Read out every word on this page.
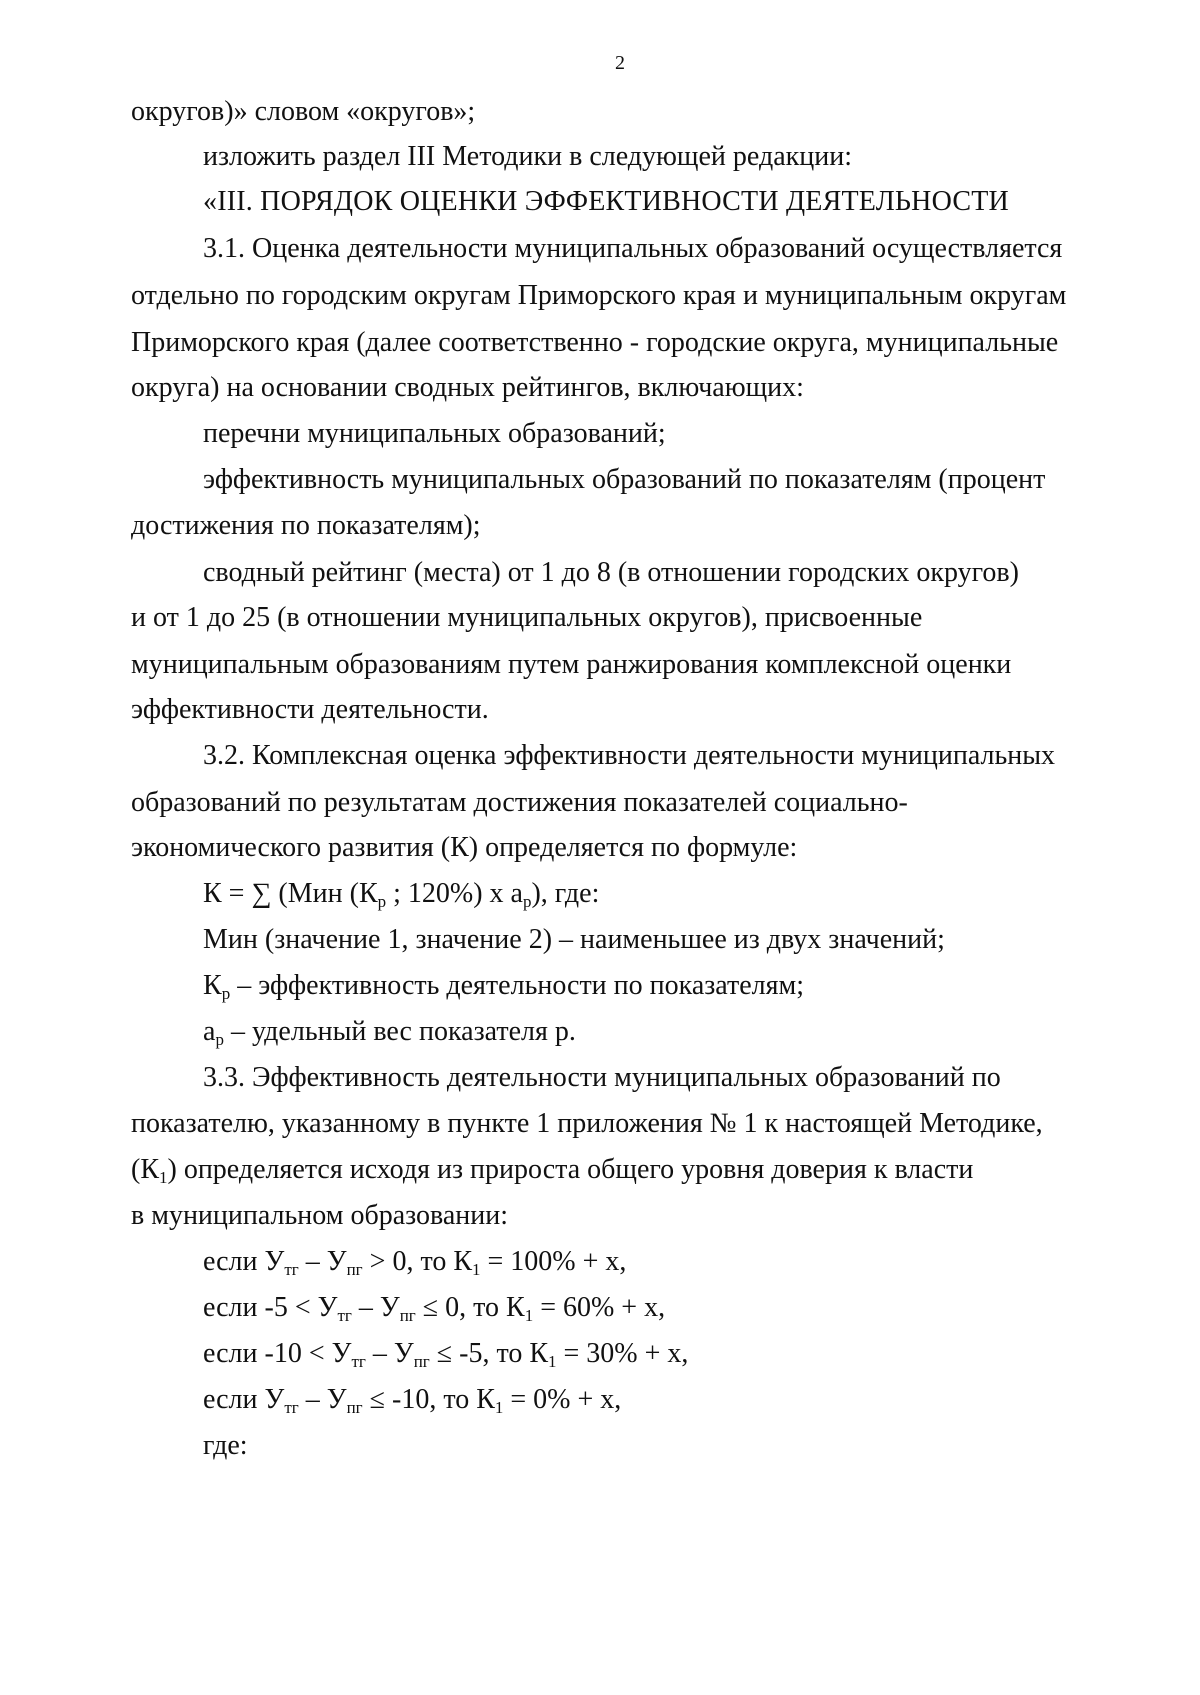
2
округов)» словом «округов»;
изложить раздел III Методики в следующей редакции:
«III. ПОРЯДОК ОЦЕНКИ ЭФФЕКТИВНОСТИ ДЕЯТЕЛЬНОСТИ
3.1. Оценка деятельности муниципальных образований осуществляется
отдельно по городским округам Приморского края и муниципальным округам
Приморского края (далее соответственно - городские округа, муниципальные
округа) на основании сводных рейтингов, включающих:
перечни муниципальных образований;
эффективность муниципальных образований по показателям (процент
достижения по показателям);
сводный рейтинг (места) от 1 до 8 (в отношении городских округов)
и от 1 до 25 (в отношении муниципальных округов), присвоенные
муниципальным образованиям путем ранжирования комплексной оценки
эффективности деятельности.
3.2. Комплексная оценка эффективности деятельности муниципальных
образований по результатам достижения показателей социально-
экономического развития (К) определяется по формуле:
К = ∑ (Мин ($К_р$ ; 120%) х $а_р$), где:
Мин (значение 1, значение 2) – наименьшее из двух значений;
$К_р$ – эффективность деятельности по показателям;
$а_р$ – удельный вес показателя р.
3.3. Эффективность деятельности муниципальных образований по
показателю, указанному в пункте 1 приложения № 1 к настоящей Методике,
$(К_1)$ определяется исходя из прироста общего уровня доверия к власти
в муниципальном образовании:
если $У_{тг} - У_{пг} > 0$, то $К_1 = 100\% + х$,
если $-5 < У_{тг} - У_{пг} \le 0$, то $К_1 = 60\% + х$,
если $-10 < У_{тг} - У_{пг} \le -5$, то $К_1 = 30\% + х$,
если $У_{тг} - У_{пг} \le -10$, то $К_1 = 0\% + х$,
где:
